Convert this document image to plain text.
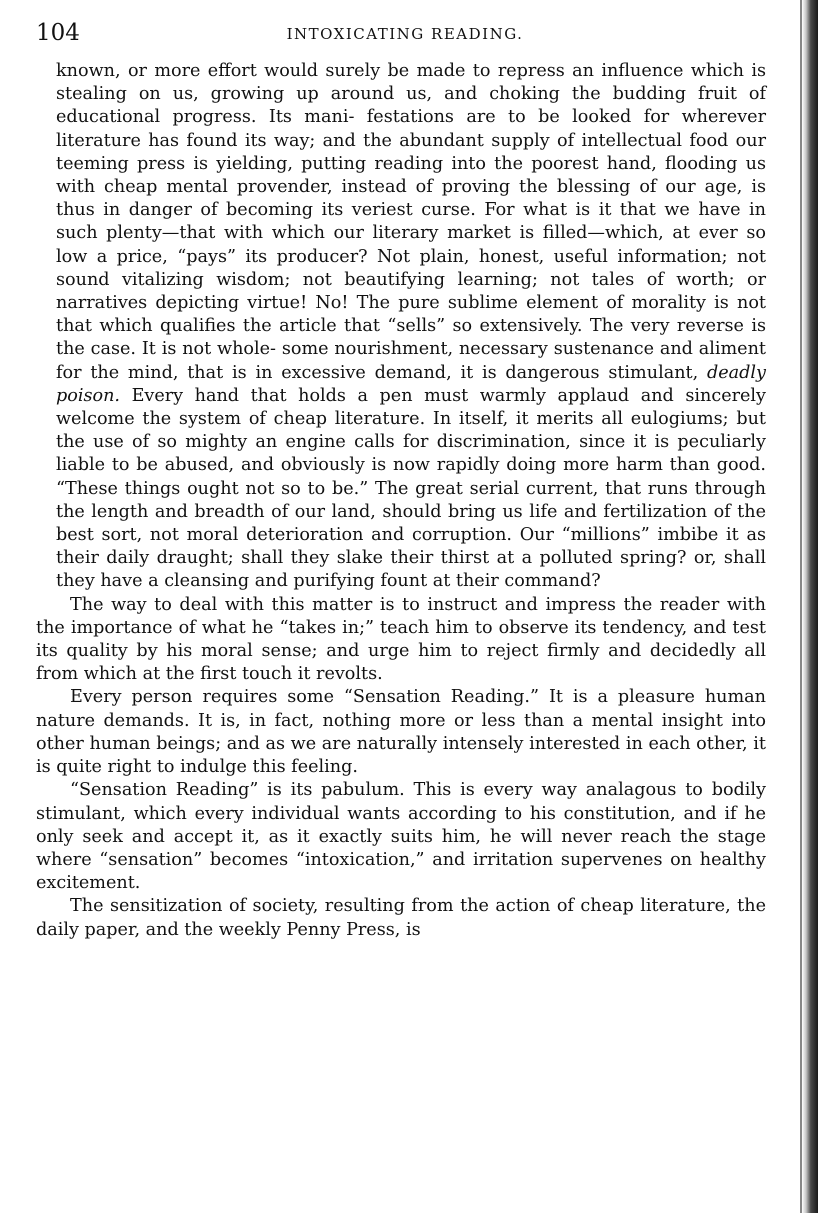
104	INTOXICATING READING.

known, or more effort would surely be made to repress an influence which is stealing on us, growing up around us, and choking the budding fruit of educational progress. Its mani- festations are to be looked for wherever literature has found its way; and the abundant supply of intellectual food our teeming press is yielding, putting reading into the poorest hand, flooding us with cheap mental provender, instead of proving the blessing of our age, is thus in danger of becoming its veriest curse. For what is it that we have in such plenty—that with which our literary market is filled—which, at ever so low a price, “pays” its producer? Not plain, honest, useful information; not sound vitalizing wisdom; not beautifying learning; not tales of worth; or narratives depicting virtue! No! The pure sublime element of morality is not that which qualifies the article that “sells” so extensively. The very reverse is the case. It is not whole- some nourishment, necessary sustenance and aliment for the mind, that is in excessive demand, it is dangerous stimulant, deadly poison. Every hand that holds a pen must warmly applaud and sincerely welcome the system of cheap literature. In itself, it merits all eulogiums; but the use of so mighty an engine calls for discrimination, since it is peculiarly liable to be abused, and obviously is now rapidly doing more harm than good. “These things ought not so to be.” The great serial current, that runs through the length and breadth of our land, should bring us life and fertilization of the best sort, not moral deterioration and corruption. Our “millions” imbibe it as their daily draught; shall they slake their thirst at a polluted spring? or, shall they have a cleansing and purifying fount at their command?

The way to deal with this matter is to instruct and impress the reader with the importance of what he “takes in;” teach him to observe its tendency, and test its quality by his moral sense; and urge him to reject firmly and decidedly all from which at the first touch it revolts.

Every person requires some “Sensation Reading.” It is a pleasure human nature demands. It is, in fact, nothing more or less than a mental insight into other human beings; and as we are naturally intensely interested in each other, it is quite right to indulge this feeling.

“Sensation Reading” is its pabulum. This is every way analagous to bodily stimulant, which every individual wants according to his constitution, and if he only seek and accept it, as it exactly suits him, he will never reach the stage where “sensation” becomes “intoxication,” and irritation supervenes on healthy excitement.

The sensitization of society, resulting from the action of cheap literature, the daily paper, and the weekly Penny Press, is
